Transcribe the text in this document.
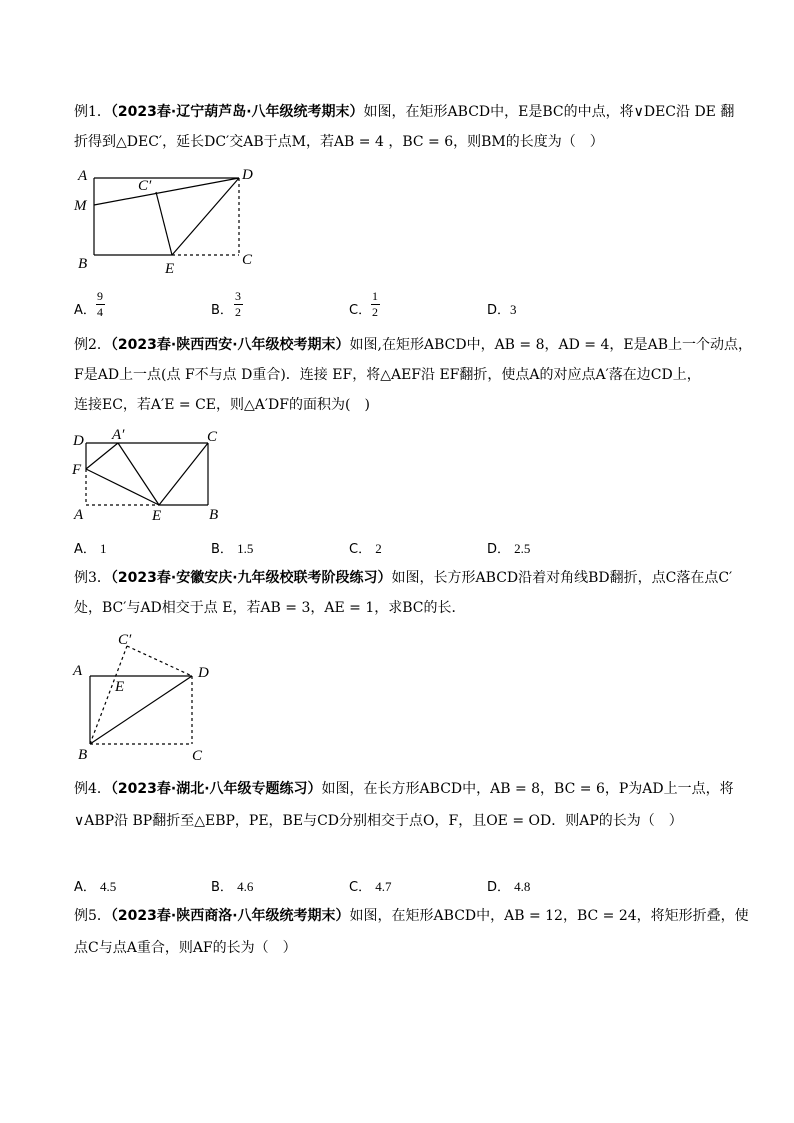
例1．（2023春·辽宁葫芦岛·八年级统考期末）如图，在矩形ABCD中，E是BC的中点，将∨DEC沿 DE 翻
折得到△DEC′，延长DC′交AB于点M，若AB = 4 ，BC = 6，则BM的长度为（　）
A	D
C′
M
B	E
C
A．
9
4	B．
3
2	C．
1
2	D．3
例2．（2023春·陕西西安·八年级校考期末）如图,在矩形ABCD中，AB = 8，AD = 4，E是AB上一个动点，
F是AD上一点(点 F不与点 D重合)．连接 EF，将△AEF沿 EF翻折，使点A的对应点A′落在边CD上，
连接EC，若A′E = CE，则△A′DF的面积为(　)
D A′	C
F
A	E	B
A． 1	B． 1.5	C． 2	D． 2.5
例3．（2023春·安徽安庆·九年级校联考阶段练习）如图，长方形ABCD沿着对角线BD翻折，点C落在点C′
处，BC′与AD相交于点 E，若AB = 3，AE = 1，求BC的长．
C′
A
E
D
B	C
例4．（2023春·湖北·八年级专题练习）如图，在长方形ABCD中，AB = 8，BC = 6，P为AD上一点，将
∨ABP沿 BP翻折至△EBP，PE，BE与CD分别相交于点O，F，且OE = OD．则AP的长为（　）
A． 4.5	B． 4.6	C． 4.7	D． 4.8
例5．（2023春·陕西商洛·八年级统考期末）如图，在矩形ABCD中，AB = 12，BC = 24，将矩形折叠，使
点C与点A重合，则AF的长为（　）
